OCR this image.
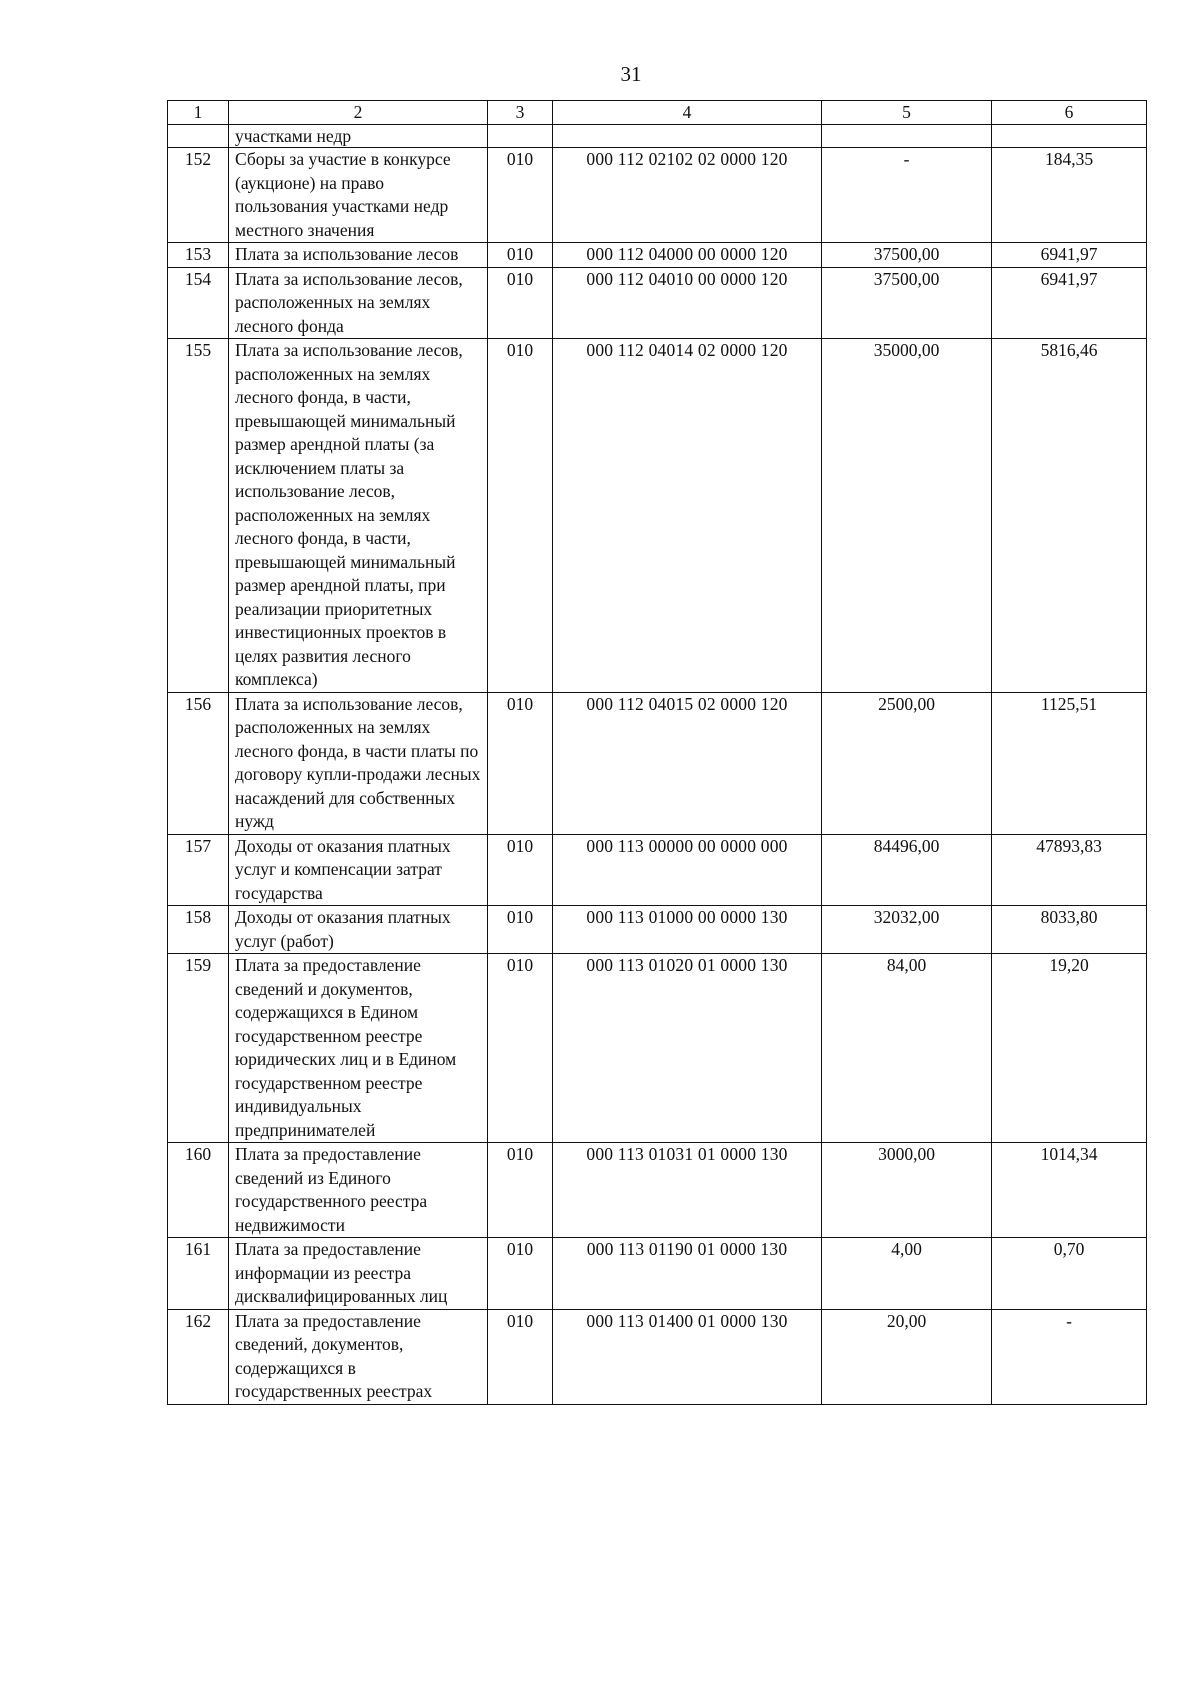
31
1	2	3	4	5	6
	участками недр				
152	Сборы за участие в конкурсе (аукционе) на право пользования участками недр местного значения	010	000 112 02102 02 0000 120	-	184,35
153	Плата за использование лесов	010	000 112 04000 00 0000 120	37500,00	6941,97
154	Плата за использование лесов, расположенных на землях лесного фонда	010	000 112 04010 00 0000 120	37500,00	6941,97
155	Плата за использование лесов, расположенных на землях лесного фонда, в части, превышающей минимальный размер арендной платы (за исключением платы за использование лесов, расположенных на землях лесного фонда, в части, превышающей минимальный размер арендной платы, при реализации приоритетных инвестиционных проектов в целях развития лесного комплекса)	010	000 112 04014 02 0000 120	35000,00	5816,46
156	Плата за использование лесов, расположенных на землях лесного фонда, в части платы по договору купли-продажи лесных насаждений для собственных нужд	010	000 112 04015 02 0000 120	2500,00	1125,51
157	Доходы от оказания платных услуг и компенсации затрат государства	010	000 113 00000 00 0000 000	84496,00	47893,83
158	Доходы от оказания платных услуг (работ)	010	000 113 01000 00 0000 130	32032,00	8033,80
159	Плата за предоставление сведений и документов, содержащихся в Едином государственном реестре юридических лиц и в Едином государственном реестре индивидуальных предпринимателей	010	000 113 01020 01 0000 130	84,00	19,20
160	Плата за предоставление сведений из Единого государственного реестра недвижимости	010	000 113 01031 01 0000 130	3000,00	1014,34
161	Плата за предоставление информации из реестра дисквалифицированных лиц	010	000 113 01190 01 0000 130	4,00	0,70
162	Плата за предоставление сведений, документов, содержащихся в государственных реестрах	010	000 113 01400 01 0000 130	20,00	-
